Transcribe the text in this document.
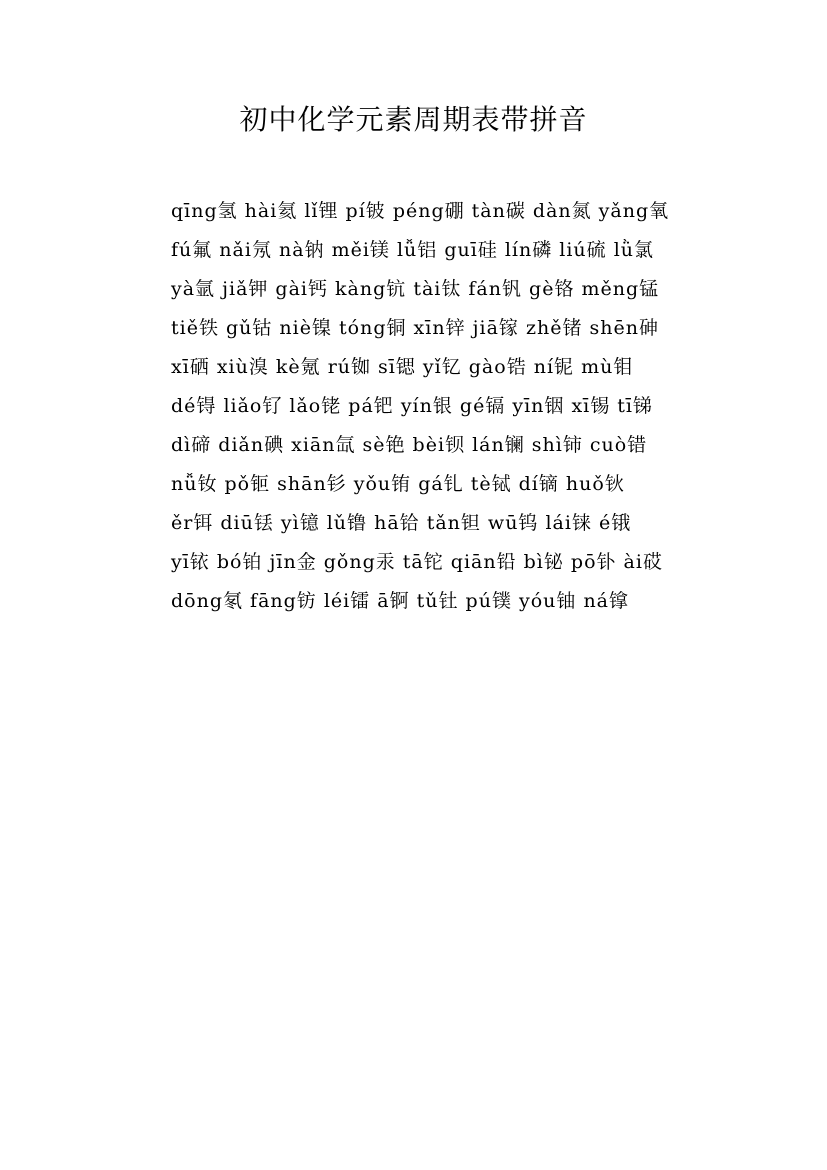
初中化学元素周期表带拼音

qīng氢 hài氦 lǐ锂 pí铍 péng硼 tàn碳 dàn氮 yǎng氧

fú氟 nǎi氖 nà钠 měi镁 lǚ铝 guī硅 lín磷 liú硫 lǜ氯

yà氩 jiǎ钾 gài钙 kàng钪 tài钛 fán钒 gè铬 měng锰

tiě铁 gǔ钴 niè镍 tóng铜 xīn锌 jiā镓 zhě锗 shēn砷

xī硒 xiù溴 kè氪 rú铷 sī锶 yǐ钇 gào锆 ní铌 mù钼

dé锝 liǎo钌 lǎo铑 pá钯 yín银 gé镉 yīn铟 xī锡 tī锑

dì碲 diǎn碘 xiān氙 sè铯 bèi钡 lán镧 shì铈 cuò错

nǚ钕 pǒ钷 shān钐 yǒu铕 gá钆 tè铽 dí镝 huǒ钬

ěr铒 diū铥 yì镱 lǔ镥 hā铪 tǎn钽 wū钨 lái铼 é锇

yī铱 bó铂 jīn金 gǒng汞 tā铊 qiān铅 bì铋 pō钋 ài砹

dōng氡 fāng钫 léi镭 ā锕 tǔ钍 pú镤 yóu铀 ná镎
